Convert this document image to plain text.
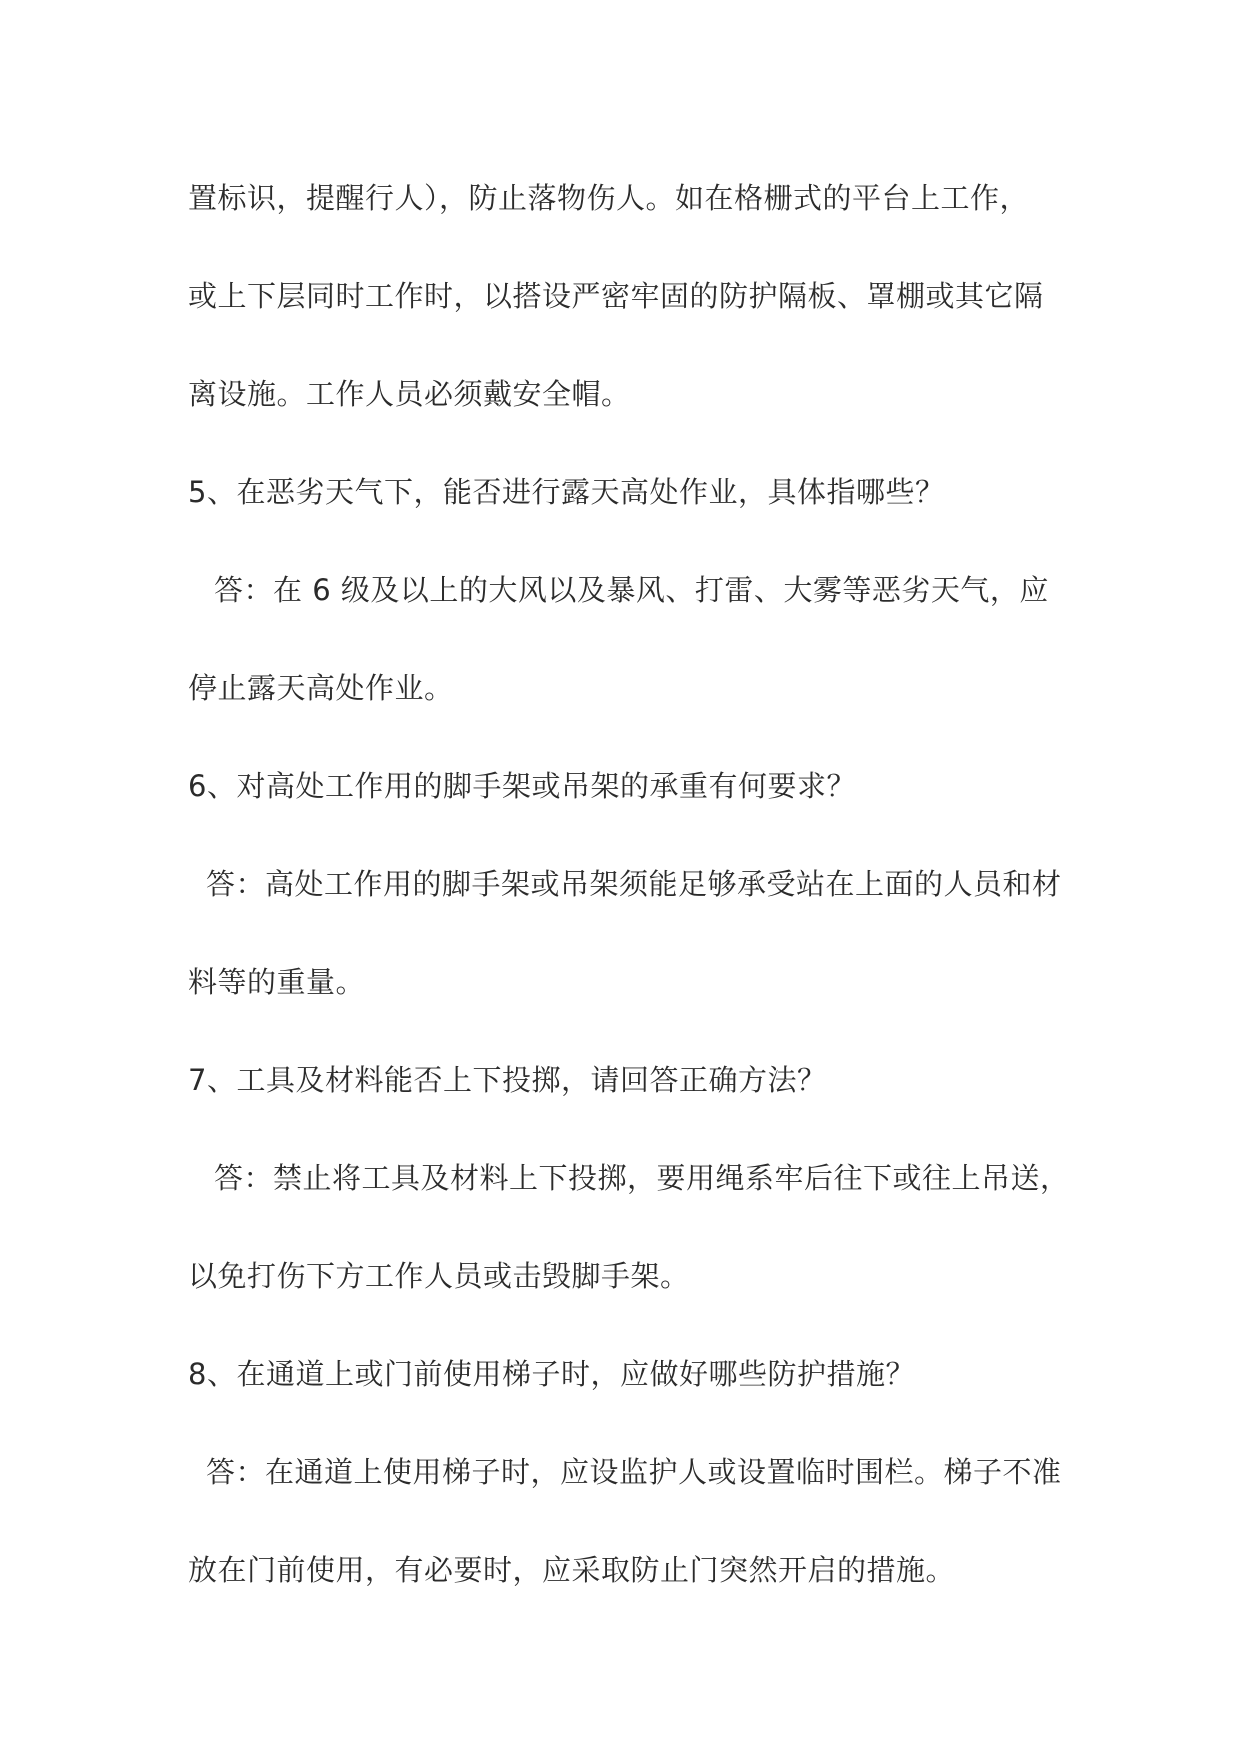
置标识，提醒行人），防止落物伤人。如在格栅式的平台上工作，
或上下层同时工作时，以搭设严密牢固的防护隔板、罩棚或其它隔
离设施。工作人员必须戴安全帽。
5、在恶劣天气下，能否进行露天高处作业，具体指哪些？
答：在 6 级及以上的大风以及暴风、打雷、大雾等恶劣天气，应
停止露天高处作业。
6、对高处工作用的脚手架或吊架的承重有何要求？
答：高处工作用的脚手架或吊架须能足够承受站在上面的人员和材
料等的重量。
7、工具及材料能否上下投掷，请回答正确方法？
答：禁止将工具及材料上下投掷，要用绳系牢后往下或往上吊送，
以免打伤下方工作人员或击毁脚手架。
8、在通道上或门前使用梯子时，应做好哪些防护措施？
答：在通道上使用梯子时，应设监护人或设置临时围栏。梯子不准
放在门前使用，有必要时，应采取防止门突然开启的措施。
